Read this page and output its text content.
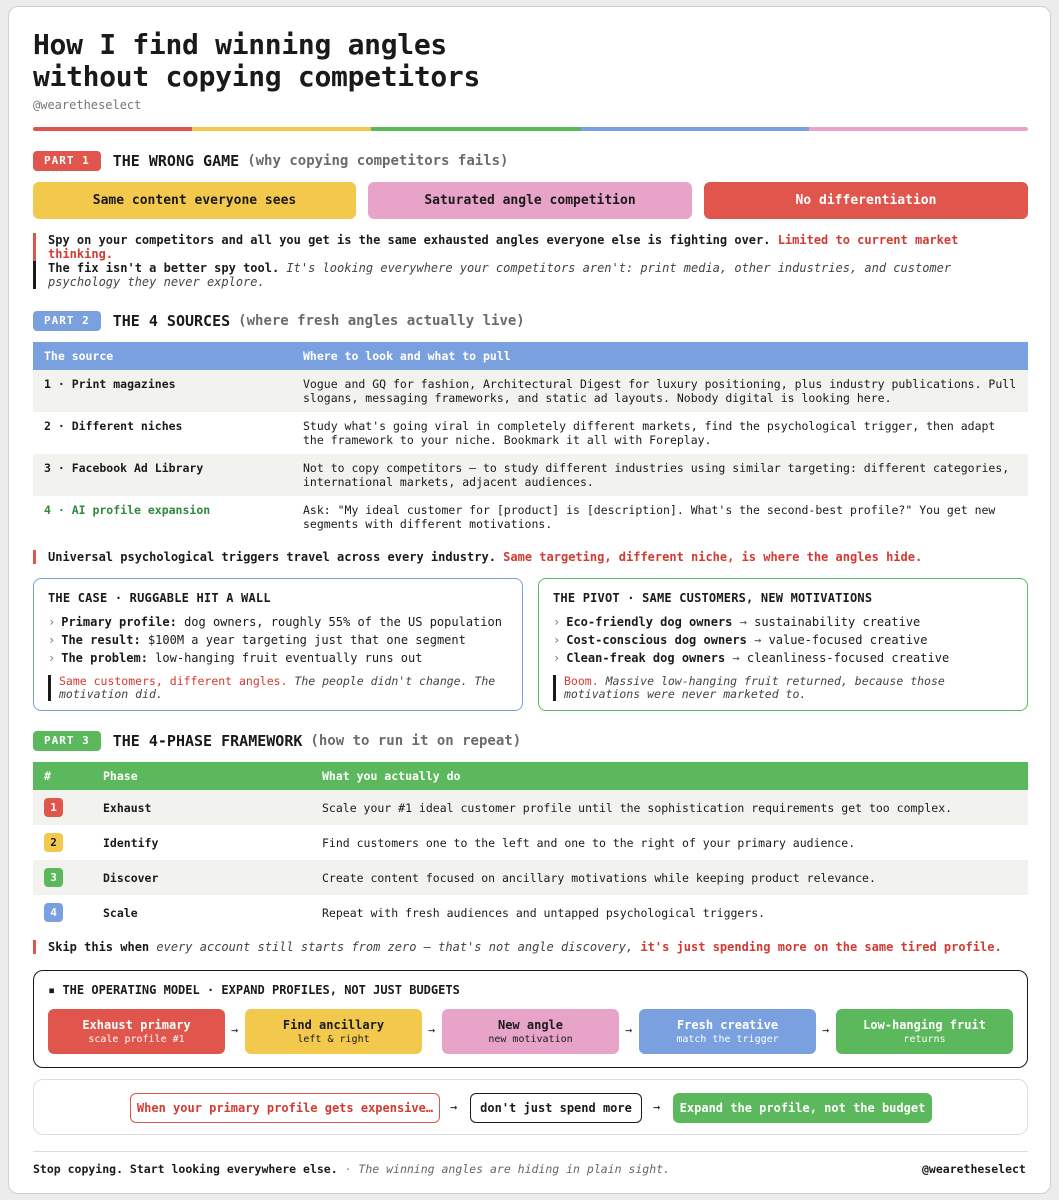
How I find winning angles
without copying competitors
@wearetheselect
PART 1	THE WRONG GAME (why copying competitors fails)
Same content everyone sees	Saturated angle competition	No differentiation
Spy on your competitors and all you get is the same exhausted angles everyone else is fighting over. Limited to current market thinking.
The fix isn't a better spy tool. It's looking everywhere your competitors aren't: print media, other industries, and customer psychology they never explore.
PART 2	THE 4 SOURCES (where fresh angles actually live)
The source	Where to look and what to pull
1 · Print magazines	Vogue and GQ for fashion, Architectural Digest for luxury positioning, plus industry publications. Pull slogans, messaging frameworks, and static ad layouts. Nobody digital is looking here.
2 · Different niches	Study what's going viral in completely different markets, find the psychological trigger, then adapt the framework to your niche. Bookmark it all with Foreplay.
3 · Facebook Ad Library	Not to copy competitors — to study different industries using similar targeting: different categories, international markets, adjacent audiences.
4 · AI profile expansion	Ask: "My ideal customer for [product] is [description]. What's the second-best profile?" You get new segments with different motivations.
Universal psychological triggers travel across every industry. Same targeting, different niche, is where the angles hide.
THE CASE · RUGGABLE HIT A WALL
› Primary profile: dog owners, roughly 55% of the US population
› The result: $100M a year targeting just that one segment
› The problem: low-hanging fruit eventually runs out
Same customers, different angles. The people didn't change. The motivation did.
THE PIVOT · SAME CUSTOMERS, NEW MOTIVATIONS
› Eco-friendly dog owners → sustainability creative
› Cost-conscious dog owners → value-focused creative
› Clean-freak dog owners → cleanliness-focused creative
Boom. Massive low-hanging fruit returned, because those motivations were never marketed to.
PART 3	THE 4-PHASE FRAMEWORK (how to run it on repeat)
#	Phase	What you actually do
1	Exhaust	Scale your #1 ideal customer profile until the sophistication requirements get too complex.
2	Identify	Find customers one to the left and one to the right of your primary audience.
3	Discover	Create content focused on ancillary motivations while keeping product relevance.
4	Scale	Repeat with fresh audiences and untapped psychological triggers.
Skip this when every account still starts from zero — that's not angle discovery, it's just spending more on the same tired profile.
▪ THE OPERATING MODEL · EXPAND PROFILES, NOT JUST BUDGETS
Exhaust primary
scale profile #1
→	Find ancillary
left & right
→	New angle
new motivation
→	Fresh creative
match the trigger
→	Low-hanging fruit
returns
When your primary profile gets expensive…	→	don't just spend more	→	Expand the profile, not the budget
Stop copying. Start looking everywhere else. · The winning angles are hiding in plain sight.	@wearetheselect
